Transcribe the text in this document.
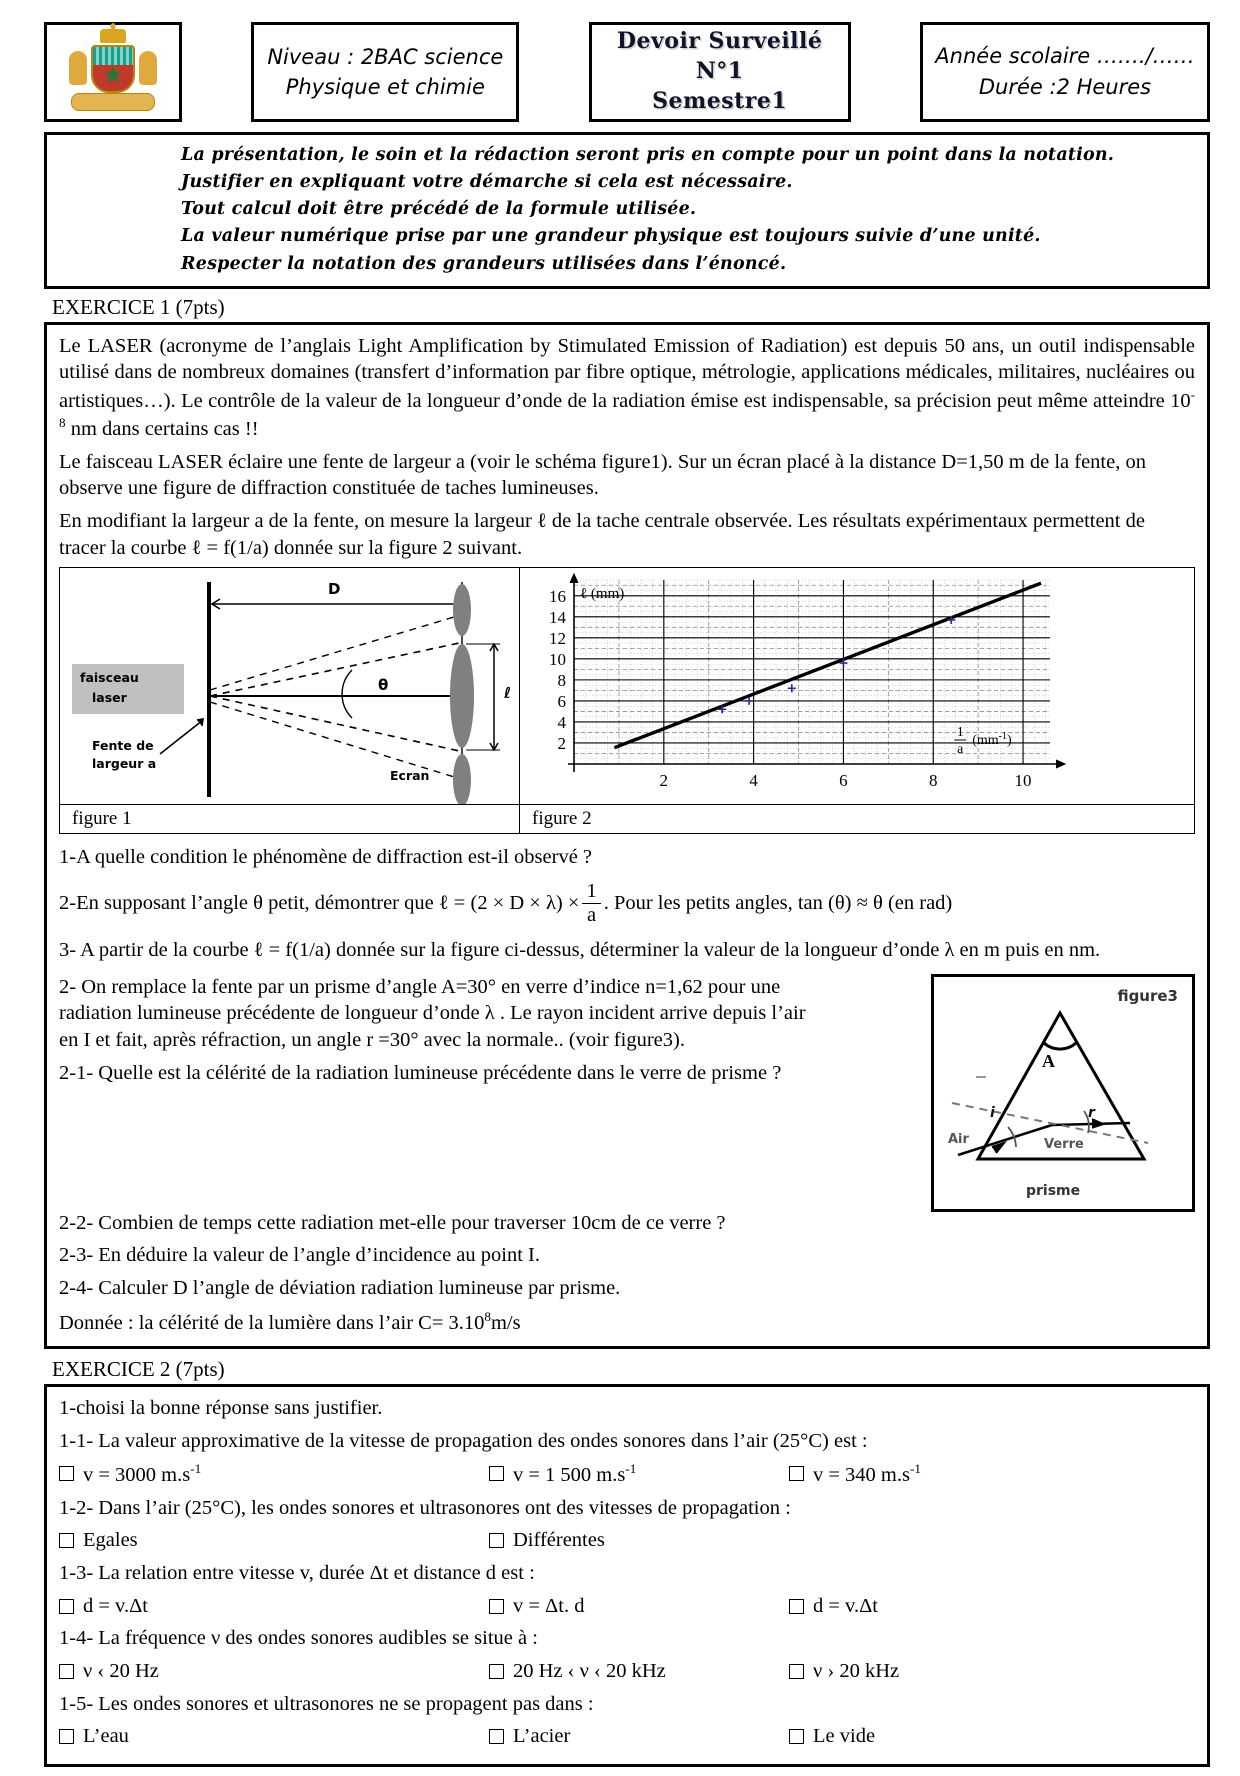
★
Niveau : 2BAC science
Physique et chimie
Devoir Surveillé
N°1
Semestre1
Année scolaire ……./……
Durée :2 Heures

La présentation, le soin et la rédaction seront pris en compte pour un point dans la notation.

Justifier en expliquant votre démarche si cela est nécessaire.

Tout calcul doit être précédé de la formule utilisée.

La valeur numérique prise par une grandeur physique est toujours suivie d’une unité.

Respecter la notation des grandeurs utilisées dans l’énoncé.

EXERCICE 1 (7pts)

Le LASER (acronyme de l’anglais Light Amplification by Stimulated Emission of Radiation) est depuis 50 ans, un outil indispensable utilisé dans de nombreux domaines (transfert d’information par fibre optique, métrologie, applications médicales, militaires, nucléaires ou artistiques…). Le contrôle de la valeur de la longueur d’onde de la radiation émise est indispensable, sa précision peut même atteindre $10^{-8}$ nm dans certains cas !!

Le faisceau LASER éclaire une fente de largeur a (voir le schéma figure1). Sur un écran placé à la distance D=1,50 m de la fente, on observe une figure de diffraction constituée de taches lumineuses.

En modifiant la largeur a de la fente, on mesure la largeur ℓ de la tache centrale observée. Les résultats expérimentaux permettent de tracer la courbe ℓ = f(1/a) donnée sur la figure 2 suivant.

D
θ	ℓ
faisceau
laser
Fente de
largeur a
Ecran
figure 1
2
4
6
8
10
12
14
16
2	4	6	8	10
ℓ (mm)
1
a
$(mm^{-1})$
figure 2

1-A quelle condition le phénomène de diffraction est-il observé ?

2-En supposant l’angle θ petit, démontrer que ℓ = $(2 \times D \times \lambda) \times \frac{1}{a}$ . Pour les petits angles, tan (θ) ≈ θ (en rad)

3- A partir de la courbe ℓ = f(1/a) donnée sur la figure ci-dessus, déterminer la valeur de la longueur d’onde λ en m puis en nm.

2- On remplace la fente par un prisme d’angle A=30° en verre d’indice n=1,62 pour une radiation lumineuse précédente de longueur d’onde λ . Le rayon incident arrive depuis l’air en I et fait, après réfraction, un angle r =30° avec la normale.. (voir figure3).

2-1- Quelle est la célérité de la radiation lumineuse précédente dans le verre de prisme ?

figure3
A
i	r
Air	Verre
prisme

2-2- Combien de temps cette radiation met-elle pour traverser 10cm de ce verre ?

2-3- En déduire la valeur de l’angle d’incidence au point I.

2-4- Calculer D l’angle de déviation radiation lumineuse par prisme.

Donnée : la célérité de la lumière dans l’air $C= 3.10^8m/s$

EXERCICE 2 (7pts)

1-choisi la bonne réponse sans justifier.

1-1- La valeur approximative de la vitesse de propagation des ondes sonores dans l’air (25°C) est :

v = 3000 $m.s^{-1}$	v = 1 500 $m.s^{-1}$	v = 340 $m.s^{-1}$

1-2- Dans l’air (25°C), les ondes sonores et ultrasonores ont des vitesses de propagation :

Egales	Différentes

1-3- La relation entre vitesse v, durée Δt et distance d est :

d = v.Δt	v = Δt. d	d = v.Δt

1-4- La fréquence ν des ondes sonores audibles se situe à :

ν ‹ 20 Hz	20 Hz ‹ ν ‹ 20 kHz	ν › 20 kHz

1-5- Les ondes sonores et ultrasonores ne se propagent pas dans :

L’eau	L’acier	Le vide
